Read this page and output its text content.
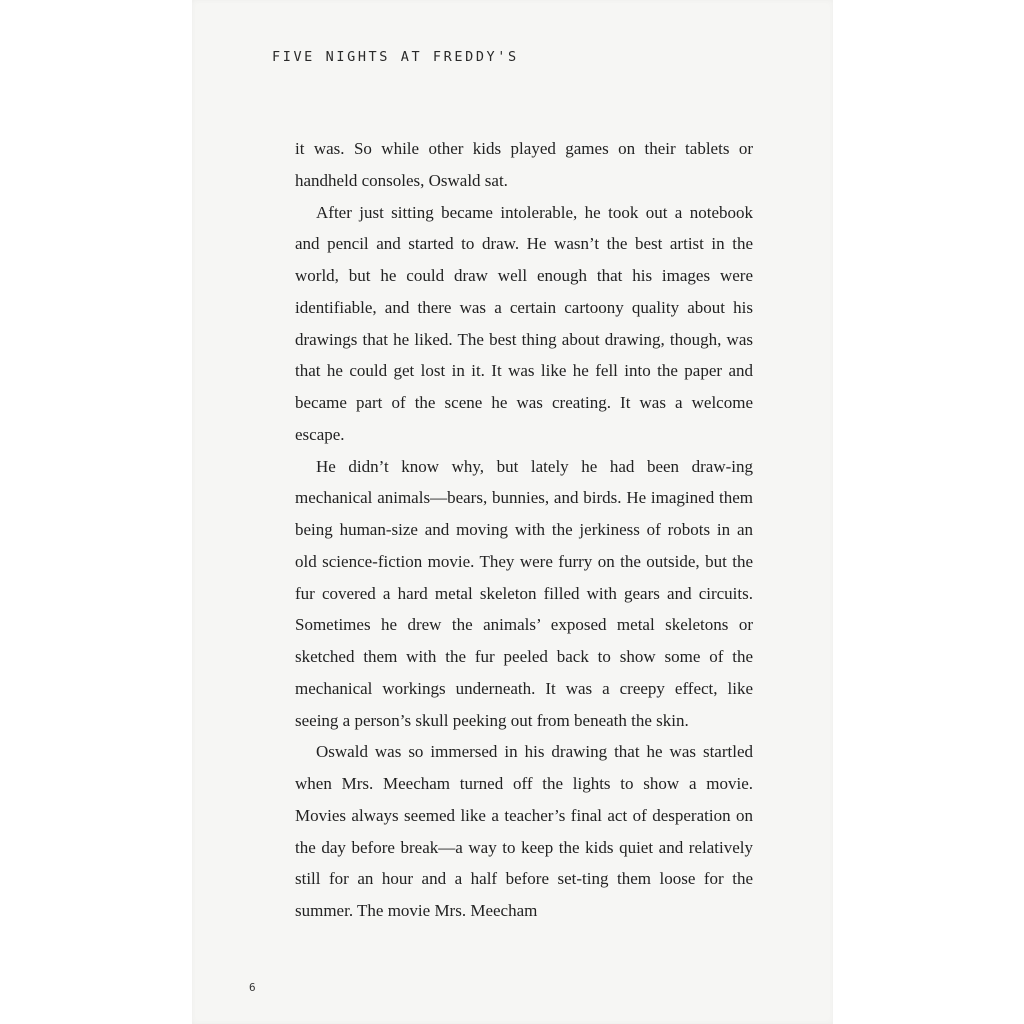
FIVE NIGHTS AT FREDDY'S

it was. So while other kids played games on their tablets or handheld consoles, Oswald sat.

After just sitting became intolerable, he took out a notebook and pencil and started to draw. He wasn’t the best artist in the world, but he could draw well enough that his images were identifiable, and there was a certain cartoony quality about his drawings that he liked. The best thing about drawing, though, was that he could get lost in it. It was like he fell into the paper and became part of the scene he was creating. It was a welcome escape.

He didn’t know why, but lately he had been draw-ing mechanical animals—bears, bunnies, and birds. He imagined them being human-size and moving with the jerkiness of robots in an old science-fiction movie. They were furry on the outside, but the fur covered a hard metal skeleton filled with gears and circuits. Sometimes he drew the animals’ exposed metal skeletons or sketched them with the fur peeled back to show some of the mechanical workings underneath. It was a creepy effect, like seeing a person’s skull peeking out from beneath the skin.

Oswald was so immersed in his drawing that he was startled when Mrs. Meecham turned off the lights to show a movie. Movies always seemed like a teacher’s final act of desperation on the day before break—a way to keep the kids quiet and relatively still for an hour and a half before set-ting them loose for the summer. The movie Mrs. Meecham

6
